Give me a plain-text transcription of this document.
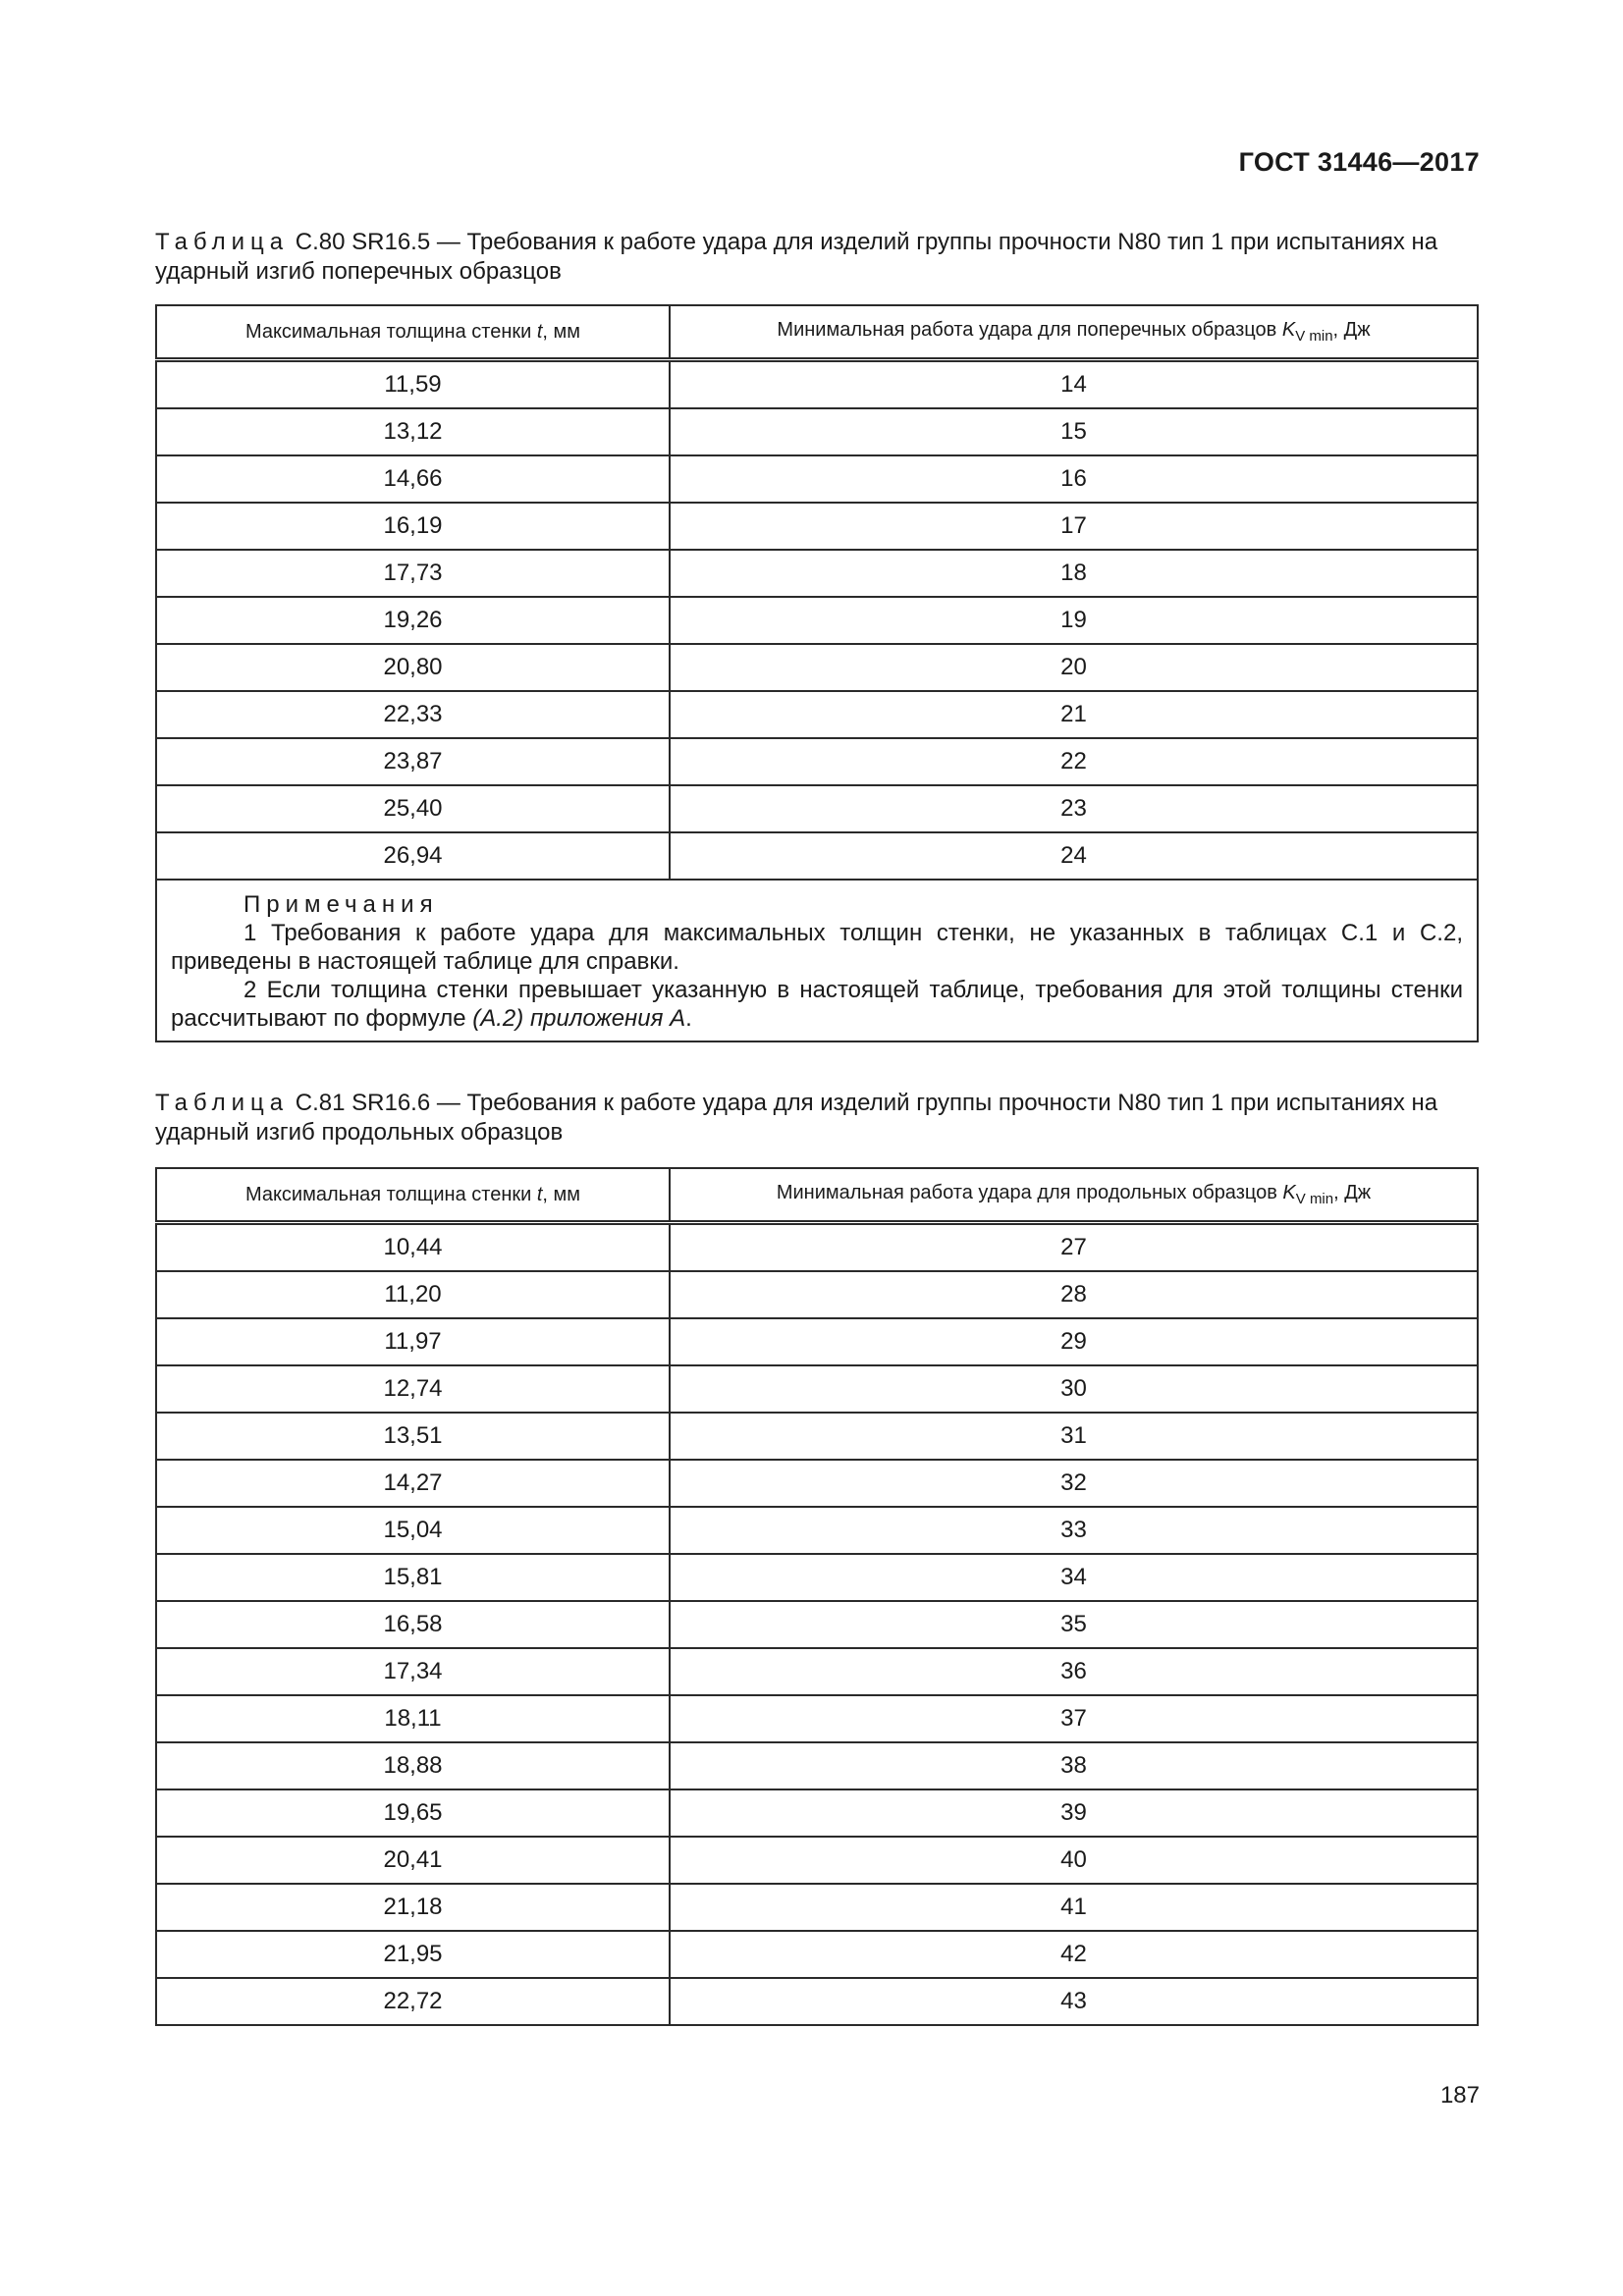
ГОСТ 31446—2017
Таблица C.80 SR16.5 — Требования к работе удара для изделий группы прочности N80 тип 1 при испытаниях на ударный изгиб поперечных образцов
Максимальная толщина стенки t, мм	Минимальная работа удара для поперечных образцов $K_{V min}$, Дж
11,59	14
13,12	15
14,66	16
16,19	17
17,73	18
19,26	19
20,80	20
22,33	21
23,87	22
25,40	23
26,94	24

Примечания
1 Требования к работе удара для максимальных толщин стенки, не указанных в таблицах С.1 и С.2, приведены в настоящей таблице для справки.
2 Если толщина стенки превышает указанную в настоящей таблице, требования для этой толщины стенки рассчитывают по формуле (А.2) приложения А.	
Таблица C.81 SR16.6 — Требования к работе удара для изделий группы прочности N80 тип 1 при испытаниях на ударный изгиб продольных образцов
Максимальная толщина стенки t, мм	Минимальная работа удара для продольных образцов $K_{V min}$, Дж
10,44	27
11,20	28
11,97	29
12,74	30
13,51	31
14,27	32
15,04	33
15,81	34
16,58	35
17,34	36
18,11	37
18,88	38
19,65	39
20,41	40
21,18	41
21,95	42
22,72	43
187
